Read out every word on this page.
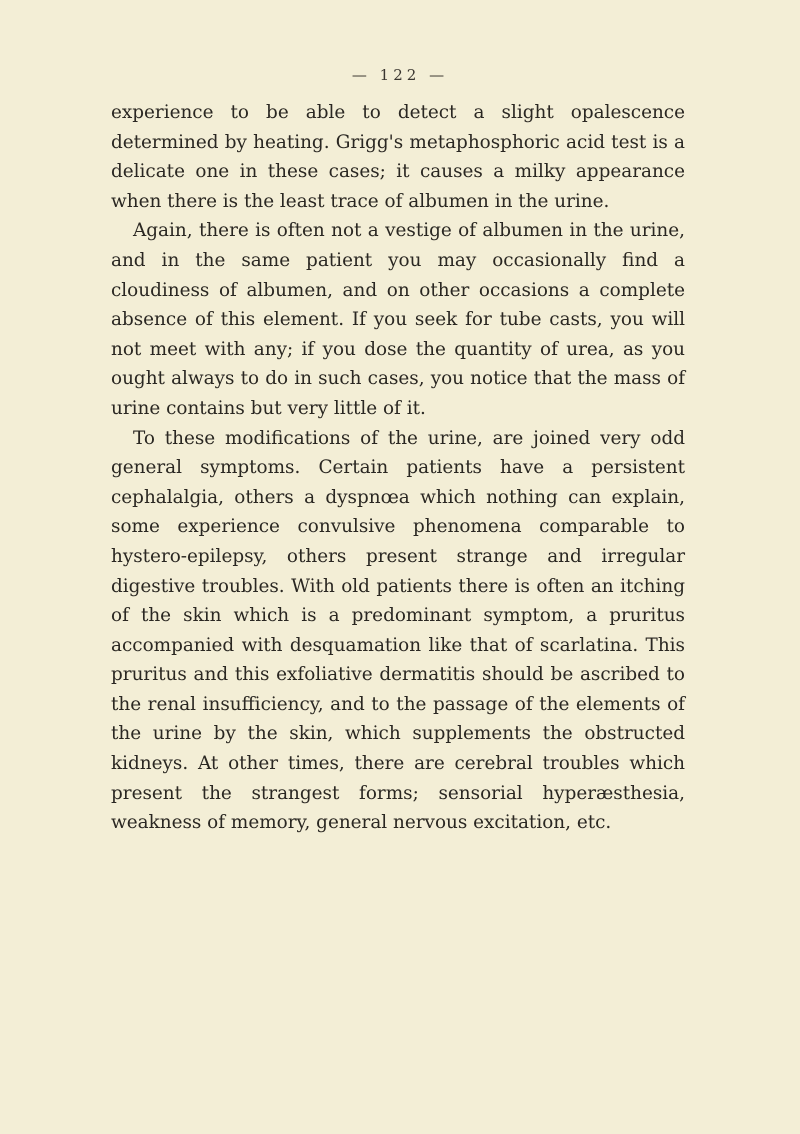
— 122 —

experience to be able to detect a slight opalescence determined by heating. Grigg's metaphosphoric acid test is a delicate one in these cases; it causes a milky appearance when there is the least trace of albumen in the urine.

Again, there is often not a vestige of albumen in the urine, and in the same patient you may occasionally find a cloudiness of albumen, and on other occasions a complete absence of this element. If you seek for tube casts, you will not meet with any; if you dose the quantity of urea, as you ought always to do in such cases, you notice that the mass of urine contains but very little of it.

To these modifications of the urine, are joined very odd general symptoms. Certain patients have a persistent cephalalgia, others a dyspnœa which nothing can explain, some experience convulsive phenomena comparable to hystero-epilepsy, others present strange and irregular digestive troubles. With old patients there is often an itching of the skin which is a predominant symptom, a pruritus accompanied with desquamation like that of scarlatina. This pruritus and this exfoliative dermatitis should be ascribed to the renal insufficiency, and to the passage of the elements of the urine by the skin, which supplements the obstructed kidneys. At other times, there are cerebral troubles which present the strangest forms; sensorial hyperæsthesia, weakness of memory, general nervous excitation, etc.
